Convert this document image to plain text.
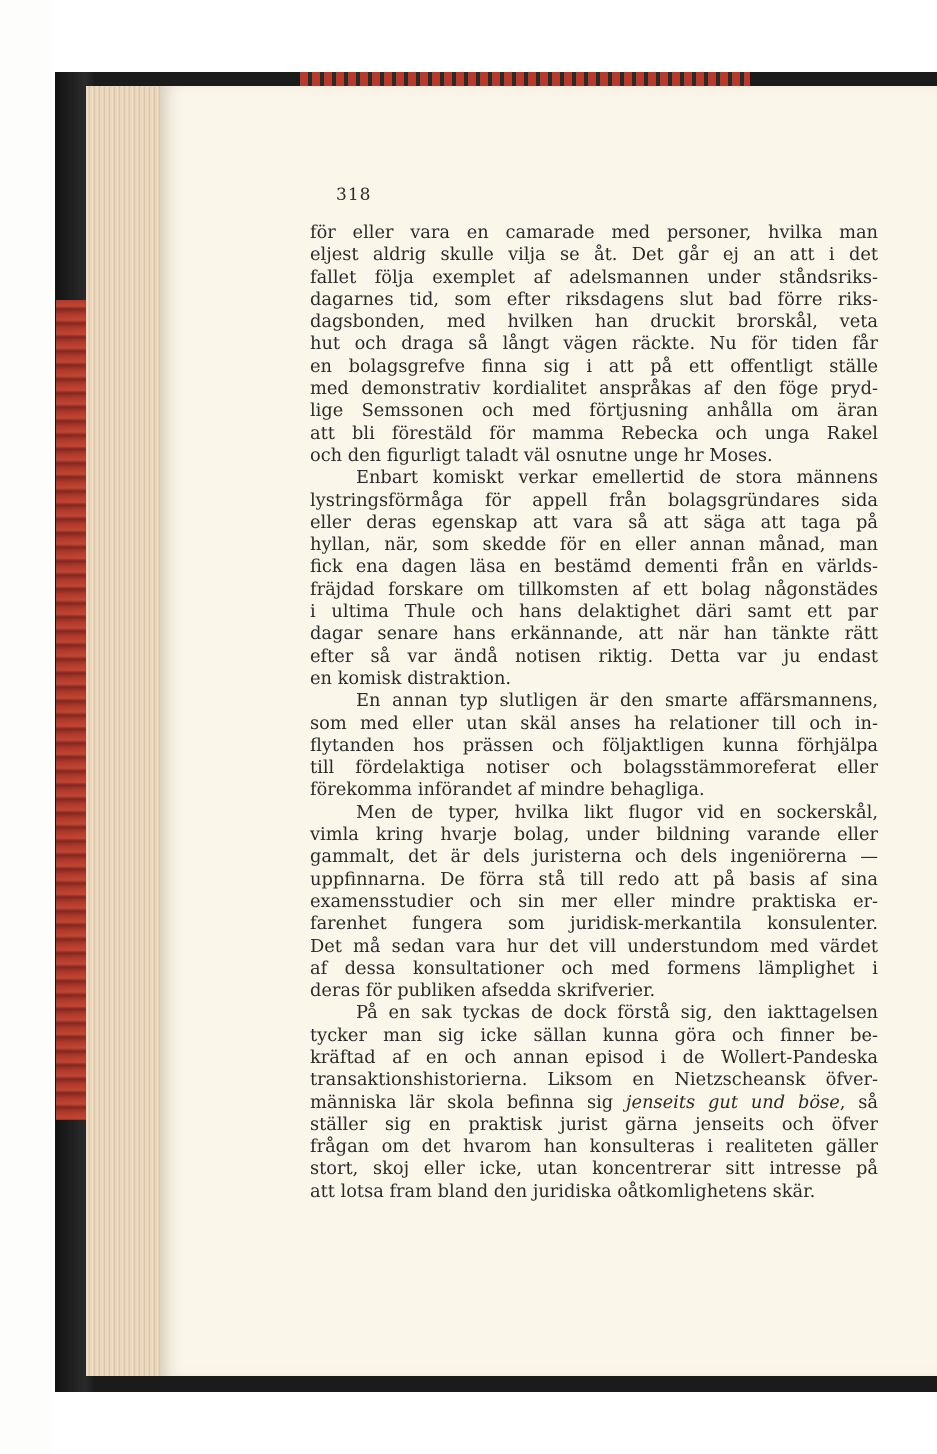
318
för eller vara en camarade med personer, hvilka man
eljest aldrig skulle vilja se åt. Det går ej an att i det
fallet följa exemplet af adelsmannen under ståndsriks-
dagarnes tid, som efter riksdagens slut bad förre riks-
dagsbonden, med hvilken han druckit brorskål, veta
hut och draga så långt vägen räckte. Nu för tiden får
en bolagsgrefve finna sig i att på ett offentligt ställe
med demonstrativ kordialitet anspråkas af den föge pryd-
lige Semssonen och med förtjusning anhålla om äran
att bli förestäld för mamma Rebecka och unga Rakel
och den figurligt taladt väl osnutne unge hr Moses.
Enbart komiskt verkar emellertid de stora männens
lystringsförmåga för appell från bolagsgründares sida
eller deras egenskap att vara så att säga att taga på
hyllan, när, som skedde för en eller annan månad, man
fick ena dagen läsa en bestämd dementi från en världs-
fräjdad forskare om tillkomsten af ett bolag någonstädes
i ultima Thule och hans delaktighet däri samt ett par
dagar senare hans erkännande, att när han tänkte rätt
efter så var ändå notisen riktig. Detta var ju endast
en komisk distraktion.
En annan typ slutligen är den smarte affärsmannens,
som med eller utan skäl anses ha relationer till och in-
flytanden hos prässen och följaktligen kunna förhjälpa
till fördelaktiga notiser och bolagsstämmoreferat eller
förekomma införandet af mindre behagliga.
Men de typer, hvilka likt flugor vid en sockerskål,
vimla kring hvarje bolag, under bildning varande eller
gammalt, det är dels juristerna och dels ingeniörerna —
uppfinnarna. De förra stå till redo att på basis af sina
examensstudier och sin mer eller mindre praktiska er-
farenhet fungera som juridisk-merkantila konsulenter.
Det må sedan vara hur det vill understundom med värdet
af dessa konsultationer och med formens lämplighet i
deras för publiken afsedda skrifverier.
På en sak tyckas de dock förstå sig, den iakttagelsen
tycker man sig icke sällan kunna göra och finner be-
kräftad af en och annan episod i de Wollert-Pandeska
transaktionshistorierna. Liksom en Nietzscheansk öfver-
människa lär skola befinna sig jenseits gut und böse, så
ställer sig en praktisk jurist gärna jenseits och öfver
frågan om det hvarom han konsulteras i realiteten gäller
stort, skoj eller icke, utan koncentrerar sitt intresse på
att lotsa fram bland den juridiska oåtkomlighetens skär.
